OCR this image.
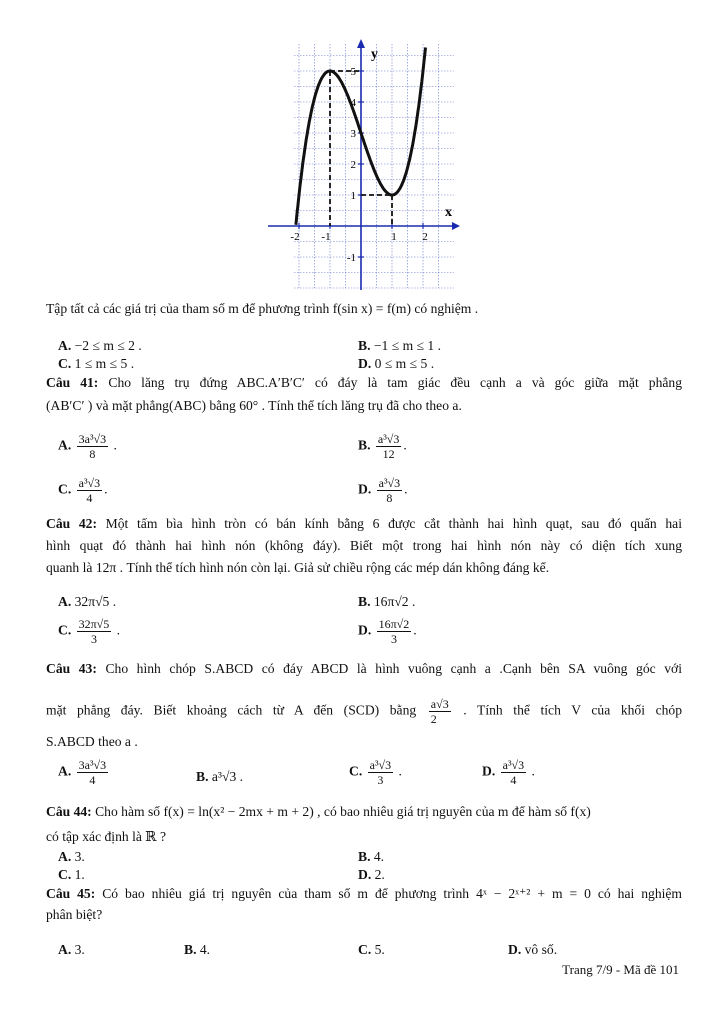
-2 -1	1 2
5
4
3
2
1
-1
y
x
Tập tất cả các giá trị của tham số m để phương trình f(sin x) = f(m) có nghiệm .
A. −2 ≤ m ≤ 2 .	B. −1 ≤ m ≤ 1 .
C. 1 ≤ m ≤ 5 .	D. 0 ≤ m ≤ 5 .
Câu 41: Cho lăng trụ đứng ABC.A′B′C′ có đáy là tam giác đều cạnh a và góc giữa mặt phẳng
(AB′C′ ) và mặt phẳng(ABC) bằng 60° . Tính thể tích lăng trụ đã cho theo a.
A. $\frac{\text{3a³√3}}{8}$ .	B. $\frac{\text{a³√3}}{12}$ .
C. $\frac{\text{a³√3}}{4}$ .	D. $\frac{\text{a³√3}}{8}$ .
Câu 42: Một tấm bìa hình tròn có bán kính bằng 6 được cắt thành hai hình quạt, sau đó quấn hai
hình quạt đó thành hai hình nón (không đáy). Biết một trong hai hình nón này có diện tích xung
quanh là 12π . Tính thể tích hình nón còn lại. Giả sử chiều rộng các mép dán không đáng kể.
A. 32π√5 .	B. 16π√2 .
C. $\frac{32\pi√5}{3}$ .	D. $\frac{16\pi√2}{3}$ .
Câu 43: Cho hình chóp S.ABCD có đáy ABCD là hình vuông cạnh a .Cạnh bên SA vuông góc với
mặt phẳng đáy. Biết khoảng cách từ A đến (SCD) bằng $\frac{a√3}{2}$ . Tính thể tích V của khối chóp
S.ABCD theo a .
A. $\frac{\text{3a³√3}}{4}$	B. a³√3 .	C. $\frac{\text{a³√3}}{3}$ .	D. $\frac{\text{a³√3}}{4}$ .
Câu 44: Cho hàm số f(x) = ln(x² − 2mx + m + 2) , có bao nhiêu giá trị nguyên của m để hàm số f(x)
có tập xác định là ℝ ?
A. 3.	B. 4.
C. 1.	D. 2.
Câu 45: Có bao nhiêu giá trị nguyên của tham số m để phương trình 4ˣ − 2ˣ⁺² + m = 0 có hai nghiệm
phân biệt?
A. 3.	B. 4.	C. 5.	D. vô số.
Trang 7/9 - Mã đề 101
